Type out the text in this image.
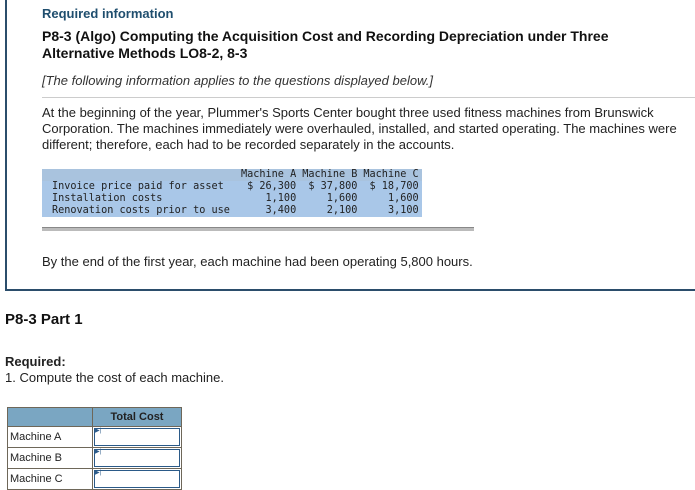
Required information
P8-3 (Algo) Computing the Acquisition Cost and Recording Depreciation under Three Alternative Methods LO8-2, 8-3
[The following information applies to the questions displayed below.]
At the beginning of the year, Plummer's Sports Center bought three used fitness machines from Brunswick Corporation. The machines immediately were overhauled, installed, and started operating. The machines were different; therefore, each had to be recorded separately in the accounts.
	Machine A	Machine B	Machine C
Invoice price paid for asset	$ 26,300	$ 37,800	$ 18,700
Installation costs	1,100	1,600	1,600
Renovation costs prior to use	3,400	2,100	3,100
By the end of the first year, each machine had been operating 5,800 hours.
P8-3 Part 1
Required:
1. Compute the cost of each machine.
	Total Cost
Machine A	▶|

Machine B	▶|

Machine C	▶|
